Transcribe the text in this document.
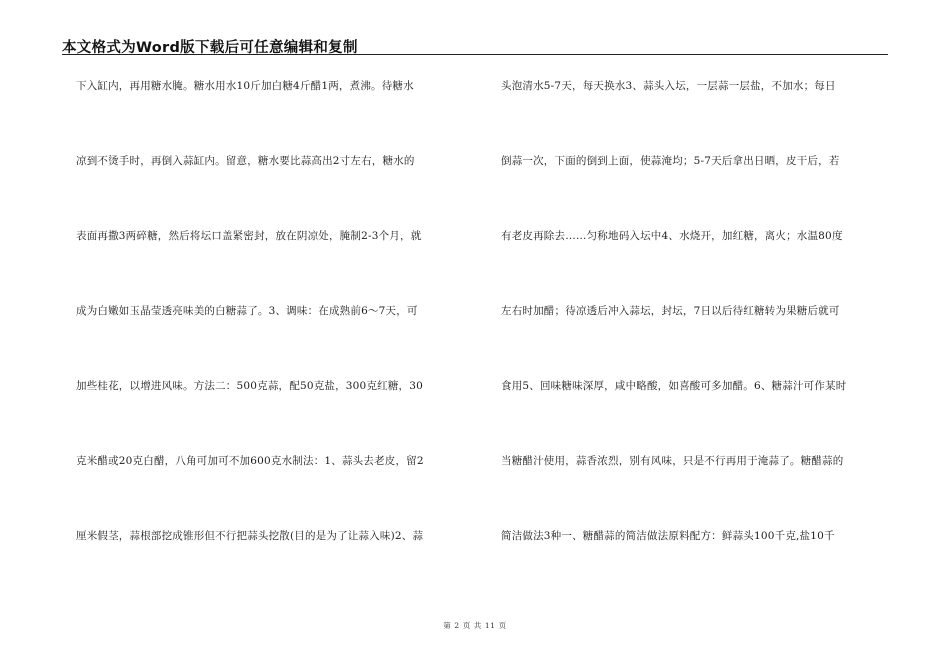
本文格式为Word版下载后可任意编辑和复制
下入缸内，再用糖水腌。糖水用水10斤加白糖4斤醋1两，煮沸。待糖水
凉到不烫手时，再倒入蒜缸内。留意，糖水要比蒜高出2寸左右，糖水的
表面再撒3两碎糖，然后将坛口盖紧密封，放在阴凉处，腌制2-3个月，就
成为白嫩如玉晶莹透亮味美的白糖蒜了。3、调味：在成熟前6～7天，可
加些桂花，以增进风味。方法二：500克蒜，配50克盐，300克红糖，30
克米醋或20克白醋，八角可加可不加600克水制法：1、蒜头去老皮，留2
厘米假茎，蒜根部挖成锥形但不行把蒜头挖散(目的是为了让蒜入味)2、蒜
头泡清水5-7天，每天换水3、蒜头入坛，一层蒜一层盐，不加水；每日
倒蒜一次，下面的倒到上面，使蒜淹均；5-7天后拿出日晒，皮干后，若
有老皮再除去……匀称地码入坛中4、水烧开，加红糖，离火；水温80度
左右时加醋；待凉透后冲入蒜坛，封坛，7日以后待红糖转为果糖后就可
食用5、回味糖味深厚，咸中略酸，如喜酸可多加醋。6、糖蒜汁可作某时
当糖醋汁使用，蒜香浓烈，别有风味，只是不行再用于淹蒜了。糖醋蒜的
简洁做法3种一、糖醋蒜的简洁做法原料配方：鲜蒜头100千克,盐10千
第 2 页 共 11 页
